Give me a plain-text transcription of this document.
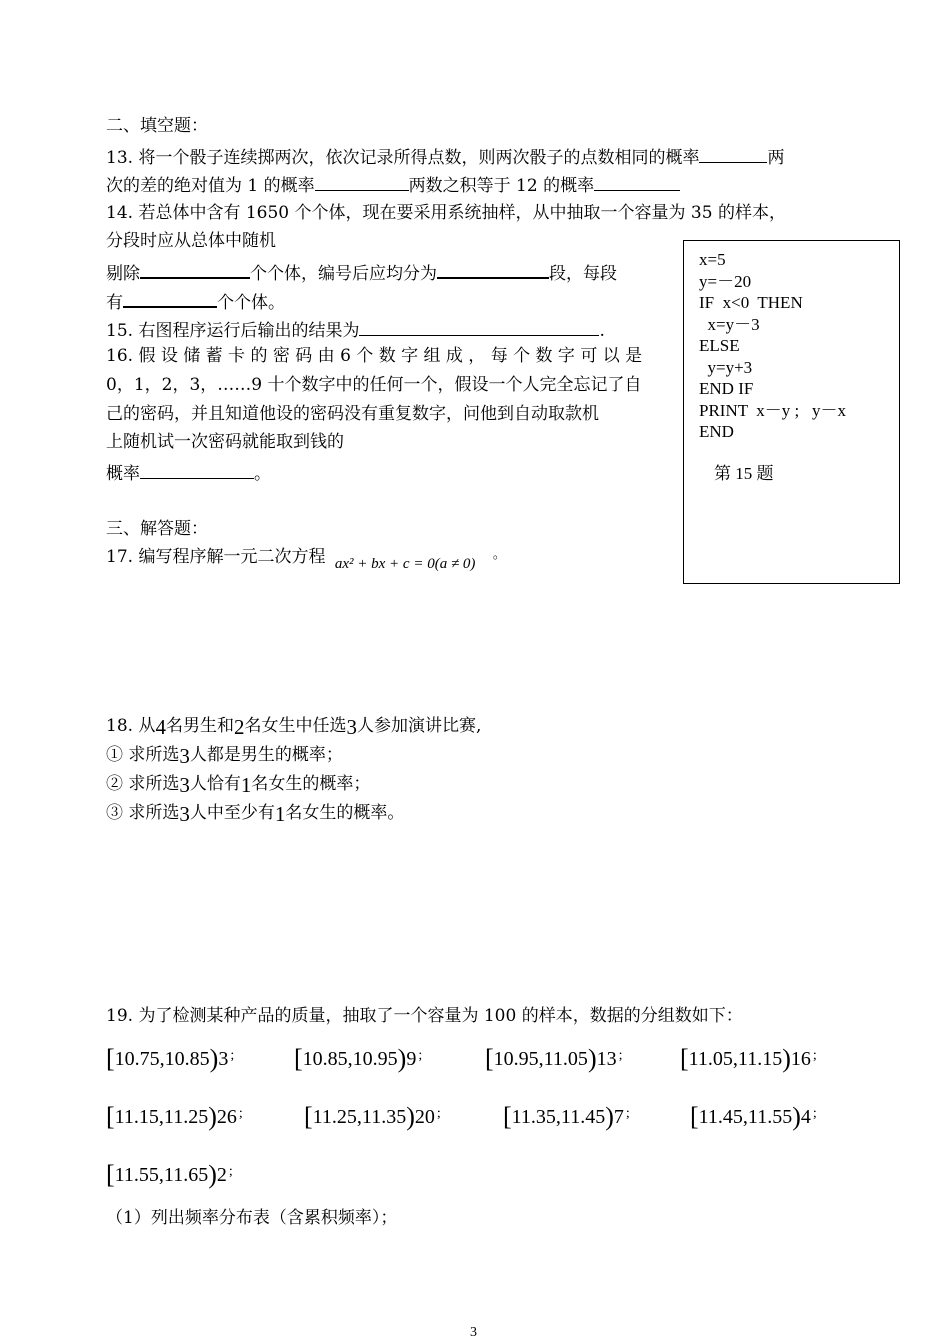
二、填空题：
13. 将一个骰子连续掷两次，依次记录所得点数，则两次骰子的点数相同的概率	两
次的差的绝对值为 1 的概率	两数之积等于 12 的概率
14. 若总体中含有 1650 个个体，现在要采用系统抽样，从中抽取一个容量为 35 的样本，
分段时应从总体中随机
剔除	个个体，编号后应均分为	段，每段
有	个个体。
15. 右图程序运行后输出的结果为	.
16. 假 设 储 蓄 卡 的 密 码 由 6 个 数 字 组 成 ， 每 个 数 字 可 以 是
0，1，2，3，……9 十个数字中的任何一个，假设一个人完全忘记了自
己的密码，并且知道他设的密码没有重复数字，问他到自动取款机
上随机试一次密码就能取到钱的
概率	。
x=5
y=－20
IF  x<0  THEN
x=y－3
ELSE
y=y+3
END IF
PRINT  x－y ;   y－x
END
第 15 题
三、解答题：
17. 编写程序解一元二次方程 ax² + bx + c = 0(a ≠ 0) 。
18. 从4名男生和2名女生中任选3人参加演讲比赛,
① 求所选3人都是男生的概率；
② 求所选3人恰有1名女生的概率；
③ 求所选3人中至少有1名女生的概率。
19. 为了检测某种产品的质量，抽取了一个容量为 100 的样本，数据的分组数如下：
[10.75,10.85)3 ; [10.85,10.95)9 ; [10.95,11.05)13 ; [11.05,11.15)16 ;
[11.15,11.25)26 ; [11.25,11.35)20 ; [11.35,11.45)7 ; [11.45,11.55)4 ;
[11.55,11.65)2 ;
（1）列出频率分布表（含累积频率）；
3
